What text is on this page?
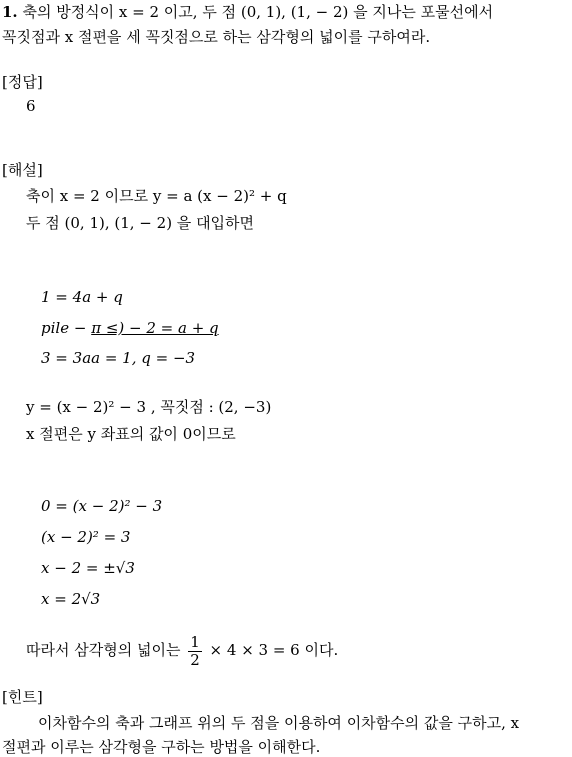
1. 축의 방정식이 x = 2 이고, 두 점 (0, 1), (1, − 2) 을 지나는 포물선에서
꼭짓점과 x 절편을 세 꼭짓점으로 하는 삼각형의 넓이를 구하여라.
[정답]
6
[해설]
축이 x = 2 이므로 y = a (x − 2)² + q
두 점 (0, 1), (1, − 2) 을 대입하면
1 = 4a + q
pile − π ≤) − 2 = a + q
3 = 3aa = 1, q = −3
y = (x − 2)² − 3 , 꼭짓점 : (2, −3)
x 절편은 y 좌표의 값이 0이므로
0 = (x − 2)² − 3
(x − 2)² = 3
x − 2 = ±√3
x = 2√3
따라서 삼각형의 넓이는 $\frac{1}{2} \times 4 \times 3 = 6$ 이다.
[힌트]
이차함수의 축과 그래프 위의 두 점을 이용하여 이차함수의 값을 구하고, x
절편과 이루는 삼각형을 구하는 방법을 이해한다.
